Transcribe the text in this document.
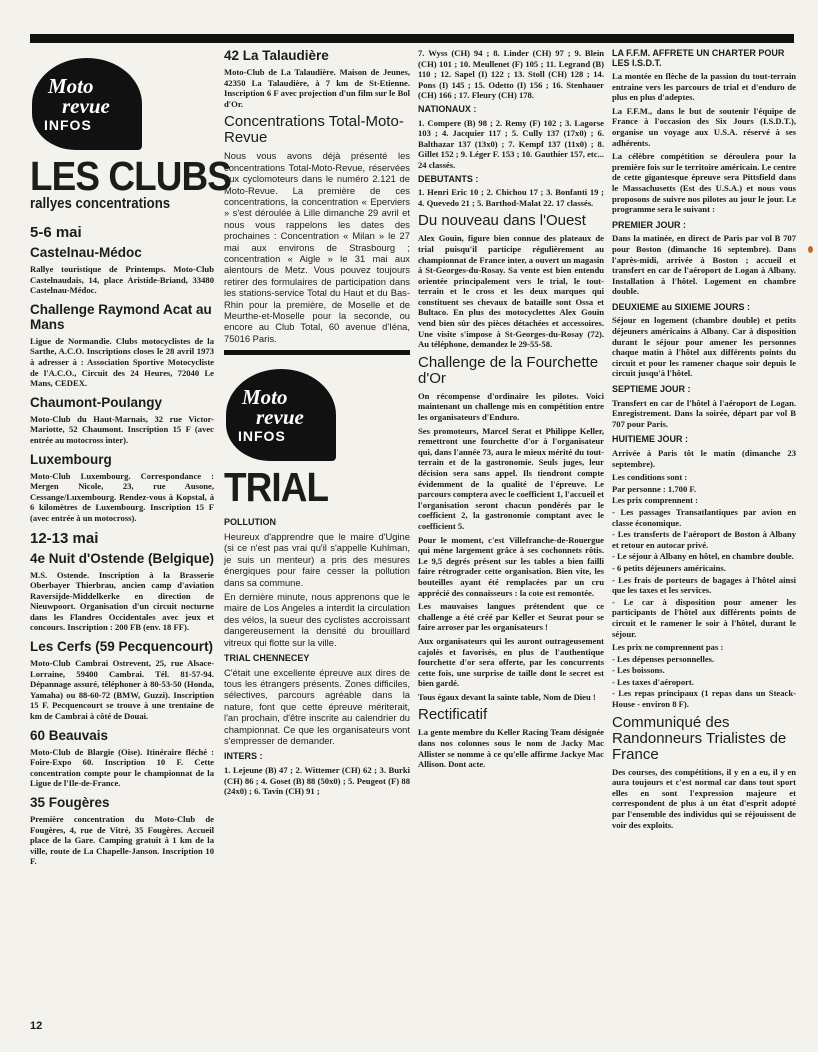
Moto
revue
INFOS
LES CLUBS
rallyes concentrations
5-6 mai
Castelnau-Médoc

Rallye touristique de Printemps. Moto-Club Castelnaudais, 14, place Aristide-Briand, 33480 Castelnau-Médoc.

Challenge Raymond Acat au Mans

Ligue de Normandie. Clubs motocyclistes de la Sarthe, A.C.O. Inscriptions closes le 28 avril 1973 à adresser à : Association Sportive Motocycliste de l'A.C.O., Circuit des 24 Heures, 72040 Le Mans, CEDEX.

Chaumont-Poulangy

Moto-Club du Haut-Marnais, 32 rue Victor-Mariotte, 52 Chaumont. Inscription 15 F (avec entrée au motocross inter).

Luxembourg

Moto-Club Luxembourg. Correspondance : Mergen Nicole, 23, rue Ausone, Cessange/Luxembourg. Rendez-vous à Kopstal, à 6 kilomètres de Luxembourg. Inscription 15 F (avec entrée à un motocross).

12-13 mai
4e Nuit d'Ostende (Belgique)

M.S. Ostende. Inscription à la Brasserie Oberbayer Thierbrau, ancien camp d'aviation Raversijde-Middelkerke en direction de Nieuwpoort. Organisation d'un circuit nocturne dans les Flandres Occidentales avec jeux et concours. Inscription : 200 FB (env. 18 FF).

Les Cerfs (59 Pecquencourt)

Moto-Club Cambrai Ostrevent, 25, rue Alsace-Lorraine, 59400 Cambrai. Tél. 81-57-94. Dépannage assuré, téléphoner à 80-53-50 (Honda, Yamaha) ou 88-60-72 (BMW, Guzzi). Inscription 15 F. Pecquencourt se trouve à une trentaine de km de Cambrai à côté de Douai.

60 Beauvais

Moto-Club de Blargie (Oise). Itinéraire fléché : Foire-Expo 60. Inscription 10 F. Cette concentration compte pour le championnat de la Ligue de l'Ile-de-France.

35 Fougères

Première concentration du Moto-Club de Fougères, 4, rue de Vitré, 35 Fougères. Accueil place de la Gare. Camping gratuit à 1 km de la ville, route de La Chapelle-Janson. Inscription 10 F.

42 La Talaudière

Moto-Club de La Talaudière. Maison de Jeunes, 42350 La Talaudière, à 7 km de St-Etienne. Inscription 6 F avec projection d'un film sur le Bol d'Or.

Concentrations Total-Moto-Revue

Nous vous avons déjà présenté les concentrations Total-Moto-Revue, réservées aux cyclomoteurs dans le numéro 2.121 de Moto-Revue. La première de ces concentrations, la concentration « Eperviers » s'est déroulée à Lille dimanche 29 avril et nous vous rappelons les dates des prochaines : Concentration « Milan » le 27 mai aux environs de Strasbourg ; concentration « Aigle » le 31 mai aux alentours de Metz. Vous pouvez toujours retirer des formulaires de participation dans les stations-service Total du Haut et du Bas-Rhin pour la première, de Moselle et de Meurthe-et-Moselle pour la seconde, ou encore au Club Total, 60 avenue d'Iéna, 75016 Paris.

Moto
revue
INFOS
TRIAL
POLLUTION

Heureux d'apprendre que le maire d'Ugine (si ce n'est pas vrai qu'il s'appelle Kuhlman, je suis un menteur) a pris des mesures énergiques pour faire cesser la pollution dans sa commune.

En dernière minute, nous apprenons que le maire de Los Angeles a interdit la circulation des vélos, la sueur des cyclistes accroissant dangereusement la densité du brouillard vitreux qui flotte sur la ville.

TRIAL CHENNECEY

C'était une excellente épreuve aux dires de tous les étrangers présents. Zones difficiles, sélectives, parcours agréable dans la nature, font que cette épreuve mériterait, l'an prochain, d'être inscrite au calendrier du championnat. Ce que les organisateurs vont s'empresser de demander.

INTERS :

1. Lejeune (B) 47 ; 2. Wittemer (CH) 62 ; 3. Burki (CH) 86 ; 4. Goset (B) 88 (50x0) ; 5. Peugeot (F) 88 (24x0) ; 6. Tavin (CH) 91 ;

7. Wyss (CH) 94 ; 8. Linder (CH) 97 ; 9. Blein (CH) 101 ; 10. Meullenet (F) 105 ; 11. Legrand (B) 110 ; 12. Sapel (I) 122 ; 13. Stoll (CH) 128 ; 14. Pons (I) 145 ; 15. Odetto (I) 156 ; 16. Stenhauer (CH) 166 ; 17. Fleury (CH) 178.

NATIONAUX :

1. Compere (B) 98 ; 2. Remy (F) 102 ; 3. Lagorse 103 ; 4. Jacquier 117 ; 5. Cully 137 (17x0) ; 6. Balthazar 137 (13x0) ; 7. Kempf 137 (11x0) ; 8. Gillet 152 ; 9. Léger F. 153 ; 10. Gauthier 157, etc... 24 classés.

DEBUTANTS :

1. Henri Eric 10 ; 2. Chichou 17 ; 3. Bonfanti 19 ; 4. Quevedo 21 ; 5. Barthod-Malat 22. 17 classés.

Du nouveau dans l'Ouest

Alex Gouin, figure bien connue des plateaux de trial puisqu'il participe régulièrement au championnat de France inter, a ouvert un magasin à St-Georges-du-Rosay. Sa vente est bien entendu orientée principalement vers le trial, le tout-terrain et le cross et les deux marques qui constituent ses chevaux de bataille sont Ossa et Bultaco. En plus des motocyclettes Alex Gouin vend bien sûr des pièces détachées et accessoires. Une visite s'impose à St-Georges-du-Rosay (72). Au téléphone, demandez le 29-55-58.

Challenge de la Fourchette d'Or

On récompense d'ordinaire les pilotes. Voici maintenant un challenge mis en compétition entre les organisateurs d'Enduro.

Ses promoteurs, Marcel Serat et Philippe Keller, remettront une fourchette d'or à l'organisateur qui, dans l'année 73, aura le mieux mérité du tout-terrain et de la gastronomie. Seuls juges, leur décision sera sans appel. Ils tiendront compte évidemment de la qualité de l'épreuve. Le parcours comptera avec le coefficient 1, l'accueil et l'organisation seront chacun pondérés par le coefficient 2, la gastronomie comptant avec le coefficient 5.

Pour le moment, c'est Villefranche-de-Rouergue qui mène largement grâce à ses cochonnets rôtis. Le 9,5 degrés présent sur les tables a bien failli faire rétrograder cette organisation. Bien vite, les bouteilles ayant été remplacées par un cru apprécié des connaisseurs : la cote est remontée.

Les mauvaises langues prétendent que ce challenge a été créé par Keller et Seurat pour se faire arroser par les organisateurs !

Aux organisateurs qui les auront outrageusement cajolés et favorisés, en plus de l'authentique fourchette d'or sera offerte, par les concurrents cette fois, une surprise de taille dont le secret est bien gardé.

Tous égaux devant la sainte table, Nom de Dieu !

Rectificatif

La gente membre du Keller Racing Team désignée dans nos colonnes sous le nom de Jacky Mac Allister se nomme à ce qu'elle affirme Jackye Mac Allison. Dont acte.

LA F.F.M. AFFRETE UN CHARTER POUR LES I.S.D.T.

La montée en flèche de la passion du tout-terrain entraine vers les parcours de trial et d'enduro de plus en plus d'adeptes.

La F.F.M., dans le but de soutenir l'équipe de France à l'occasion des Six Jours (I.S.D.T.), organise un voyage aux U.S.A. réservé à ses adhérents.

La célèbre compétition se déroulera pour la première fois sur le territoire américain. Le centre de cette gigantesque épreuve sera Pittsfield dans le Massachusetts (Est des U.S.A.) et nous vous proposons de suivre nos pilotes au jour le jour. Le programme sera le suivant :

PREMIER JOUR :

Dans la matinée, en direct de Paris par vol B 707 pour Boston (dimanche 16 septembre). Dans l'après-midi, arrivée à Boston ; accueil et transfert en car de l'aéroport de Logan à Albany. Installation à l'hôtel. Logement en chambre double.

DEUXIEME au SIXIEME JOURS :

Séjour en logement (chambre double) et petits déjeuners américains à Albany. Car à disposition durant le séjour pour amener les personnes chaque matin à l'hôtel aux différents points du circuit et pour les ramener chaque soir depuis le circuit jusqu'à l'hôtel.

SEPTIEME JOUR :

Transfert en car de l'hôtel à l'aéroport de Logan. Enregistrement. Dans la soirée, départ par vol B 707 pour Paris.

HUITIEME JOUR :

Arrivée à Paris tôt le matin (dimanche 23 septembre).

Les conditions sont :

Par personne : 1.700 F.

Les prix comprennent :

- Les passages Transatlantiques par avion en classe économique.

- Les transferts de l'aéroport de Boston à Albany et retour en autocar privé.

- Le séjour à Albany en hôtel, en chambre double.

- 6 petits déjeuners américains.

- Les frais de porteurs de bagages à l'hôtel ainsi que les taxes et les services.

- Le car à disposition pour amener les participants de l'hôtel aux différents points de circuit et le ramener le soir à l'hôtel, durant le séjour.

Les prix ne comprennent pas :

- Les dépenses personnelles.

- Les boissons.

- Les taxes d'aéroport.

- Les repas principaux (1 repas dans un Steack-House - environ 8 F).

Communiqué des Randonneurs Trialistes de France

Des courses, des compétitions, il y en a eu, il y en aura toujours et c'est normal car dans tout sport elles en sont l'expression majeure et correspondent de plus à un état d'esprit adopté par l'ensemble des individus qui se réjouissent de voir des exploits.

12
